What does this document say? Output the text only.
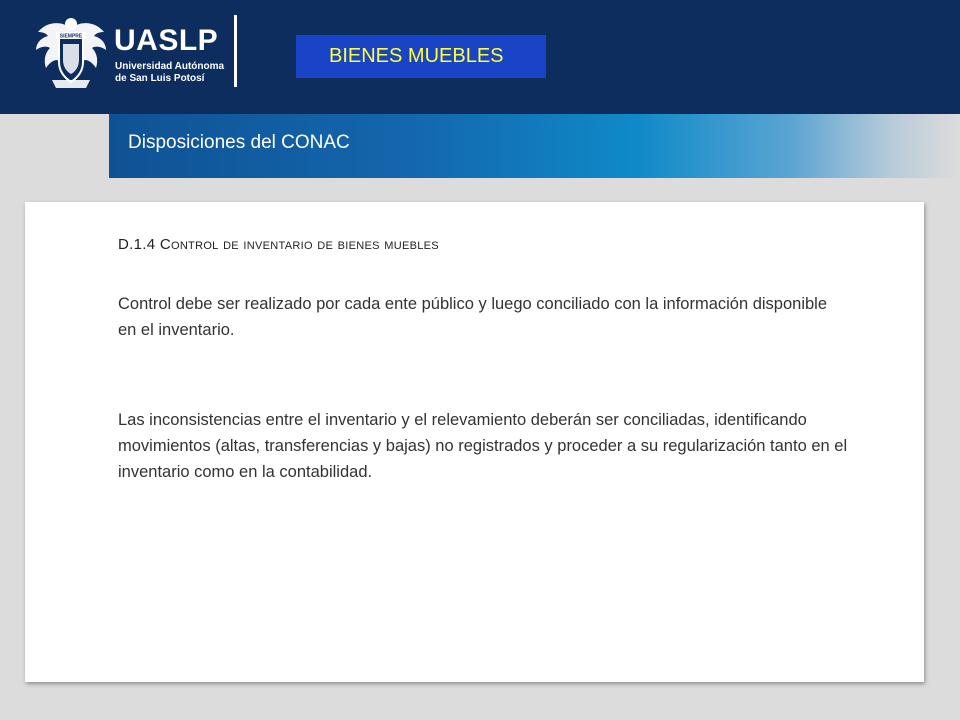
SIEMPRE UASLP
Universidad Autónoma
de San Luis Potosí
BIENES MUEBLES
Disposiciones del CONAC
D.1.4 Control de inventario de bienes muebles

Control debe ser realizado por cada ente público y luego conciliado con la información disponible en el inventario.

Las inconsistencias entre el inventario y el relevamiento deberán ser conciliadas, identificando movimientos (altas, transferencias y bajas) no registrados y proceder a su regularización tanto en el inventario como en la contabilidad.
